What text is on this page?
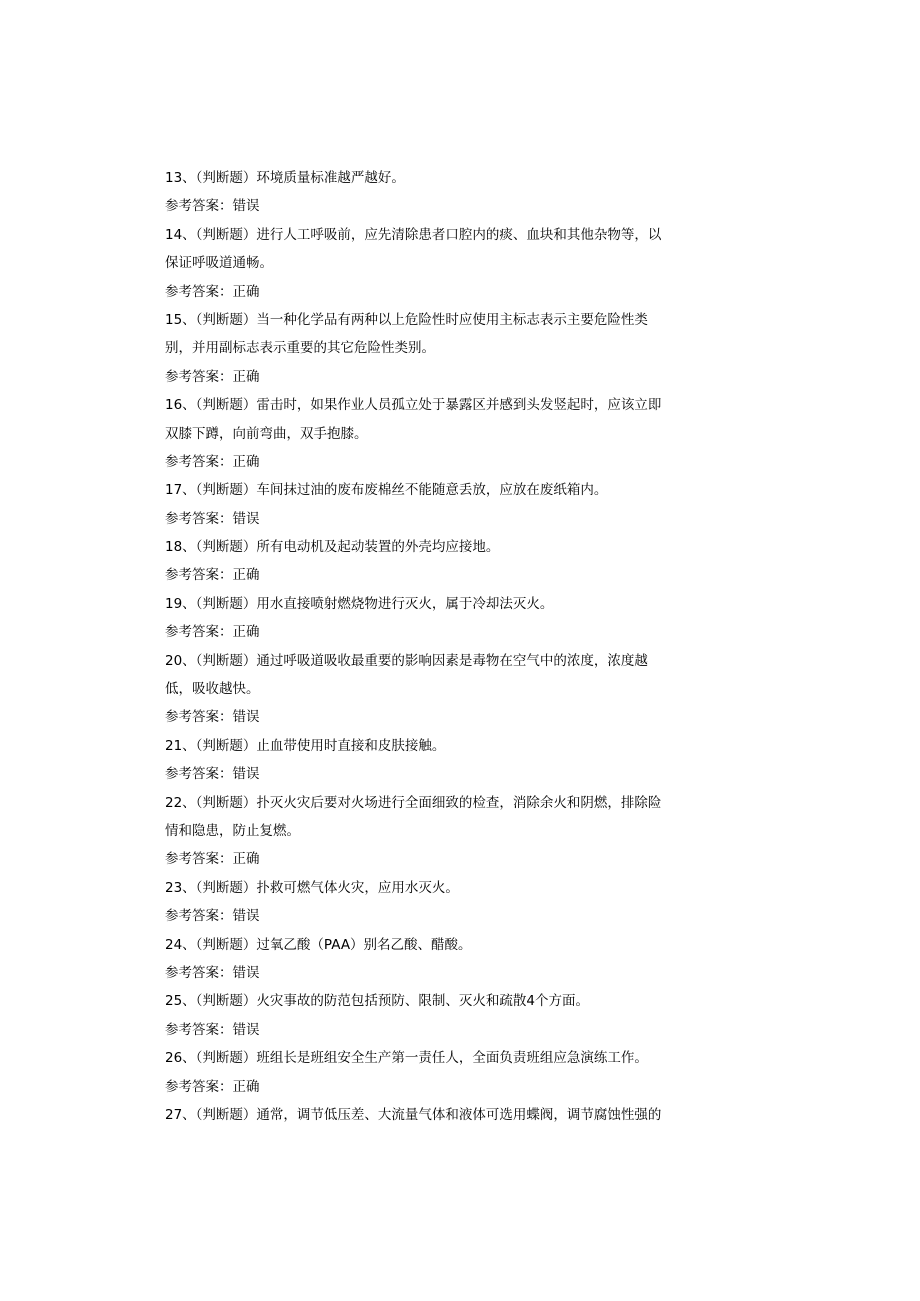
13、（判断题）环境质量标准越严越好。
参考答案：错误
14、（判断题）进行人工呼吸前，应先清除患者口腔内的痰、血块和其他杂物等，以
保证呼吸道通畅。
参考答案：正确
15、（判断题）当一种化学品有两种以上危险性时应使用主标志表示主要危险性类
别，并用副标志表示重要的其它危险性类别。
参考答案：正确
16、（判断题）雷击时，如果作业人员孤立处于暴露区并感到头发竖起时，应该立即
双膝下蹲，向前弯曲，双手抱膝。
参考答案：正确
17、（判断题）车间抹过油的废布废棉丝不能随意丢放，应放在废纸箱内。
参考答案：错误
18、（判断题）所有电动机及起动装置的外壳均应接地。
参考答案：正确
19、（判断题）用水直接喷射燃烧物进行灭火，属于冷却法灭火。
参考答案：正确
20、（判断题）通过呼吸道吸收最重要的影响因素是毒物在空气中的浓度，浓度越
低，吸收越快。
参考答案：错误
21、（判断题）止血带使用时直接和皮肤接触。
参考答案：错误
22、（判断题）扑灭火灾后要对火场进行全面细致的检查，消除余火和阴燃，排除险
情和隐患，防止复燃。
参考答案：正确
23、（判断题）扑救可燃气体火灾，应用水灭火。
参考答案：错误
24、（判断题）过氧乙酸（PAA）别名乙酸、醋酸。
参考答案：错误
25、（判断题）火灾事故的防范包括预防、限制、灭火和疏散4个方面。
参考答案：错误
26、（判断题）班组长是班组安全生产第一责任人，全面负责班组应急演练工作。
参考答案：正确
27、（判断题）通常，调节低压差、大流量气体和液体可选用蝶阀，调节腐蚀性强的
